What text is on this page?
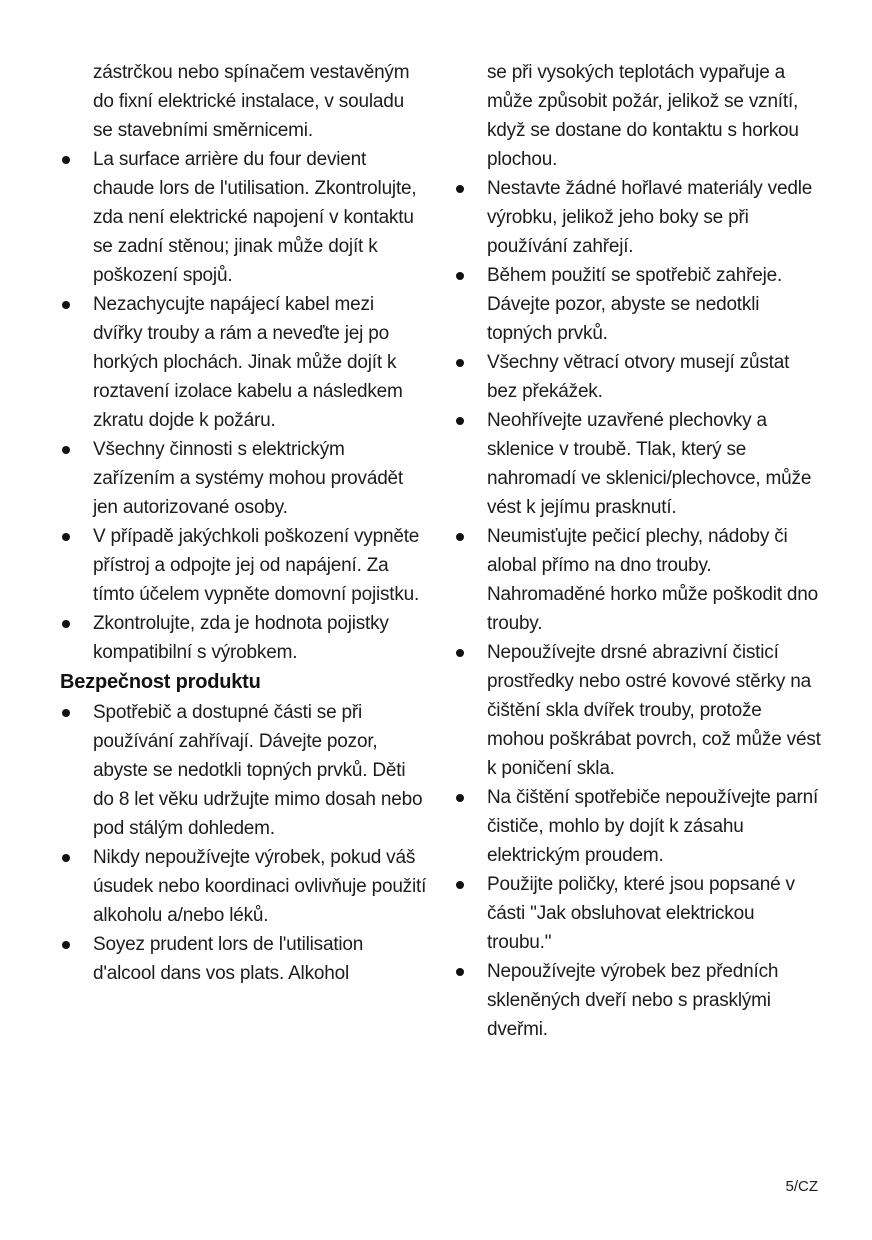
zástrčkou nebo spínačem vestavěným do fixní elektrické instalace, v souladu se stavebními směrnicemi.
La surface arrière du four devient chaude lors de l'utilisation. Zkontrolujte, zda není elektrické napojení v kontaktu se zadní stěnou; jinak může dojít k poškození spojů.
Nezachycujte napájecí kabel mezi dvířky trouby a rám a neveďte jej po horkých plochách. Jinak může dojít k roztavení izolace kabelu a následkem zkratu dojde k požáru.
Všechny činnosti s elektrickým zařízením a systémy mohou provádět jen autorizované osoby.
V případě jakýchkoli poškození vypněte přístroj a odpojte jej od napájení. Za tímto účelem vypněte domovní pojistku.
Zkontrolujte, zda je hodnota pojistky kompatibilní s výrobkem.
Bezpečnost produktu
Spotřebič a dostupné části se při používání zahřívají. Dávejte pozor, abyste se nedotkli topných prvků. Děti do 8 let věku udržujte mimo dosah nebo pod stálým dohledem.
Nikdy nepoužívejte výrobek, pokud váš úsudek nebo koordinaci ovlivňuje použití alkoholu a/nebo léků.
Soyez prudent lors de l'utilisation d'alcool dans vos plats. Alkohol
se při vysokých teplotách vypařuje a může způsobit požár, jelikož se vznítí, když se dostane do kontaktu s horkou plochou.
Nestavte žádné hořlavé materiály vedle výrobku, jelikož jeho boky se při používání zahřejí.
Během použití se spotřebič zahřeje. Dávejte pozor, abyste se nedotkli topných prvků.
Všechny větrací otvory musejí zůstat bez překážek.
Neohřívejte uzavřené plechovky a sklenice v troubě. Tlak, který se nahromadí ve sklenici/plechovce, může vést k jejímu prasknutí.
Neumisťujte pečicí plechy, nádoby či alobal přímo na dno trouby. Nahromaděné horko může poškodit dno trouby.
Nepoužívejte drsné abrazivní čisticí prostředky nebo ostré kovové stěrky na čištění skla dvířek trouby, protože mohou poškrábat povrch, což může vést k poničení skla.
Na čištění spotřebiče nepoužívejte parní čističe, mohlo by dojít k zásahu elektrickým proudem.
Použijte poličky, které jsou popsané v části "Jak obsluhovat elektrickou troubu."
Nepoužívejte výrobek bez předních skleněných dveří nebo s prasklými dveřmi.
5/CZ
